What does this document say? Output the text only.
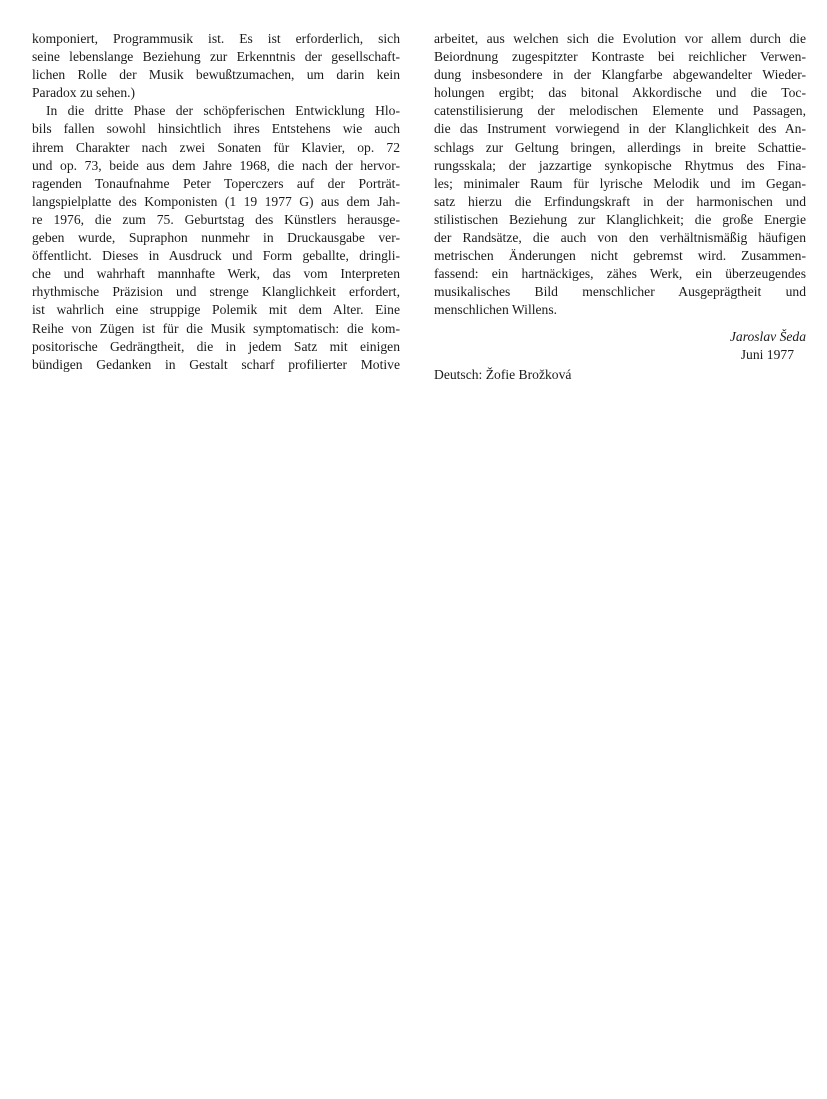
komponiert, Programmusik ist. Es ist erforderlich, sich
seine lebenslange Beziehung zur Erkenntnis der gesellschaft-
lichen Rolle der Musik bewußtzumachen, um darin kein
Paradox zu sehen.)
In die dritte Phase der schöpferischen Entwicklung Hlo-
bils fallen sowohl hinsichtlich ihres Entstehens wie auch
ihrem Charakter nach zwei Sonaten für Klavier, op. 72
und op. 73, beide aus dem Jahre 1968, die nach der hervor-
ragenden Tonaufnahme Peter Toperczers auf der Porträt-
langspielplatte des Komponisten (1 19 1977 G) aus dem Jah-
re 1976, die zum 75. Geburtstag des Künstlers herausge-
geben wurde, Supraphon nunmehr in Druckausgabe ver-
öffentlicht. Dieses in Ausdruck und Form geballte, dringli-
che und wahrhaft mannhafte Werk, das vom Interpreten
rhythmische Präzision und strenge Klanglichkeit erfordert,
ist wahrlich eine struppige Polemik mit dem Alter. Eine
Reihe von Zügen ist für die Musik symptomatisch: die kom-
positorische Gedrängtheit, die in jedem Satz mit einigen
bündigen Gedanken in Gestalt scharf profilierter Motive
arbeitet, aus welchen sich die Evolution vor allem durch die
Beiordnung zugespitzter Kontraste bei reichlicher Verwen-
dung insbesondere in der Klangfarbe abgewandelter Wieder-
holungen ergibt; das bitonal Akkordische und die Toc-
catenstilisierung der melodischen Elemente und Passagen,
die das Instrument vorwiegend in der Klanglichkeit des An-
schlags zur Geltung bringen, allerdings in breite Schattie-
rungsskala; der jazzartige synkopische Rhytmus des Fina-
les; minimaler Raum für lyrische Melodik und im Gegan-
satz hierzu die Erfindungskraft in der harmonischen und
stilistischen Beziehung zur Klanglichkeit; die große Energie
der Randsätze, die auch von den verhältnismäßig häufigen
metrischen Änderungen nicht gebremst wird. Zusammen-
fassend: ein hartnäckiges, zähes Werk, ein überzeugendes
musikalisches Bild menschlicher Ausgeprägtheit und
menschlichen Willens.
Jaroslav Šeda
Juni 1977
Deutsch: Žofie Brožková
